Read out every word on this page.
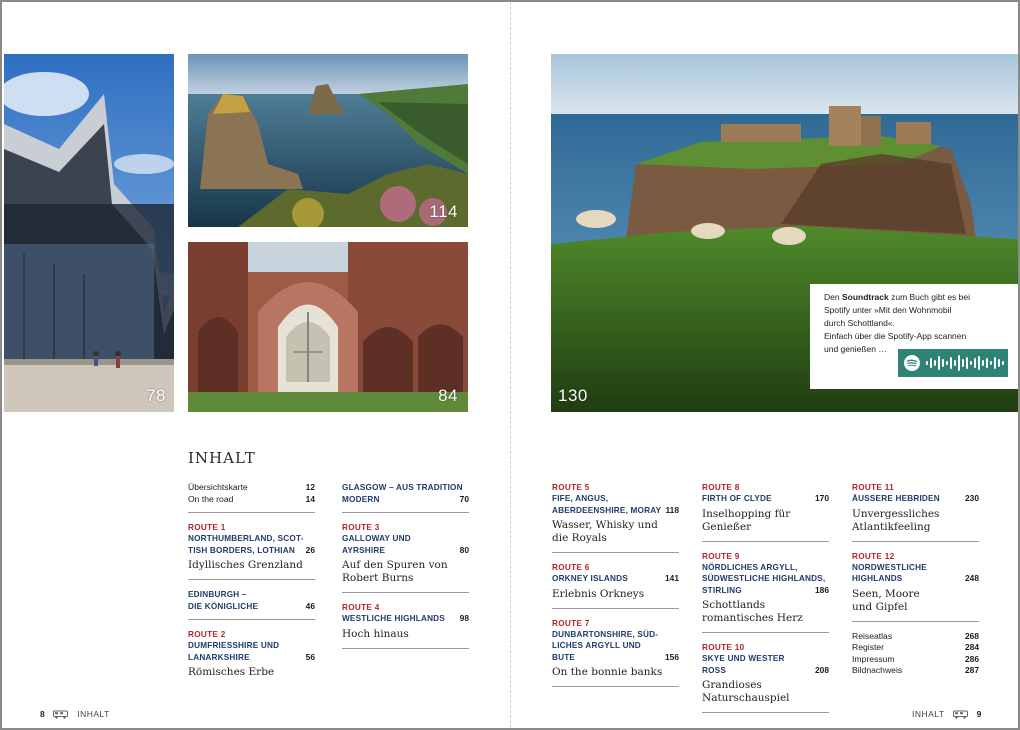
78
114
84	130
Den Soundtrack zum Buch gibt es bei
Spotify unter »Mit den Wohnmobil
durch Schottland«.
Einfach über die Spotify-App scannen
und genießen …
INHALT
Übersichtskarte	12
On the road	14
ROUTE 1
NORTHUMBERLAND, SCOT-
TISH BORDERS, LOTHIAN	26
Idyllisches Grenzland
EDINBURGH –
DIE KÖNIGLICHE	46
ROUTE 2
DUMFRIESSHIRE UND
LANARKSHIRE	56
Römisches Erbe
GLASGOW – AUS TRADITION
MODERN	70
ROUTE 3
GALLOWAY UND
AYRSHIRE	80
Auf den Spuren von
Robert Burns
ROUTE 4
WESTLICHE HIGHLANDS	98
Hoch hinaus
ROUTE 5
FIFE, ANGUS,
ABERDEENSHIRE, MORAY 118
Wasser, Whisky und
die Royals
ROUTE 6
ORKNEY ISLANDS	141
Erlebnis Orkneys
ROUTE 7
DUNBARTONSHIRE, SÜD-
LICHES ARGYLL UND BUTE	156
On the bonnie banks
ROUTE 8
FIRTH OF CLYDE	170
Inselhopping für Genießer
ROUTE 9
NÖRDLICHES ARGYLL,
SÜDWESTLICHE HIGHLANDS,
STIRLING	186
Schottlands
romantisches Herz
ROUTE 10
SKYE UND WESTER ROSS	208
Grandioses Naturschauspiel
ROUTE 11
ÄUSSERE HEBRIDEN	230
Unvergessliches
Atlantikfeeling
ROUTE 12
NORDWESTLICHE
HIGHLANDS	248
Seen, Moore
und Gipfel
Reiseatlas	268
Register	284
Impressum	286
Bildnachweis	287
8	INHALT	INHALT	9
